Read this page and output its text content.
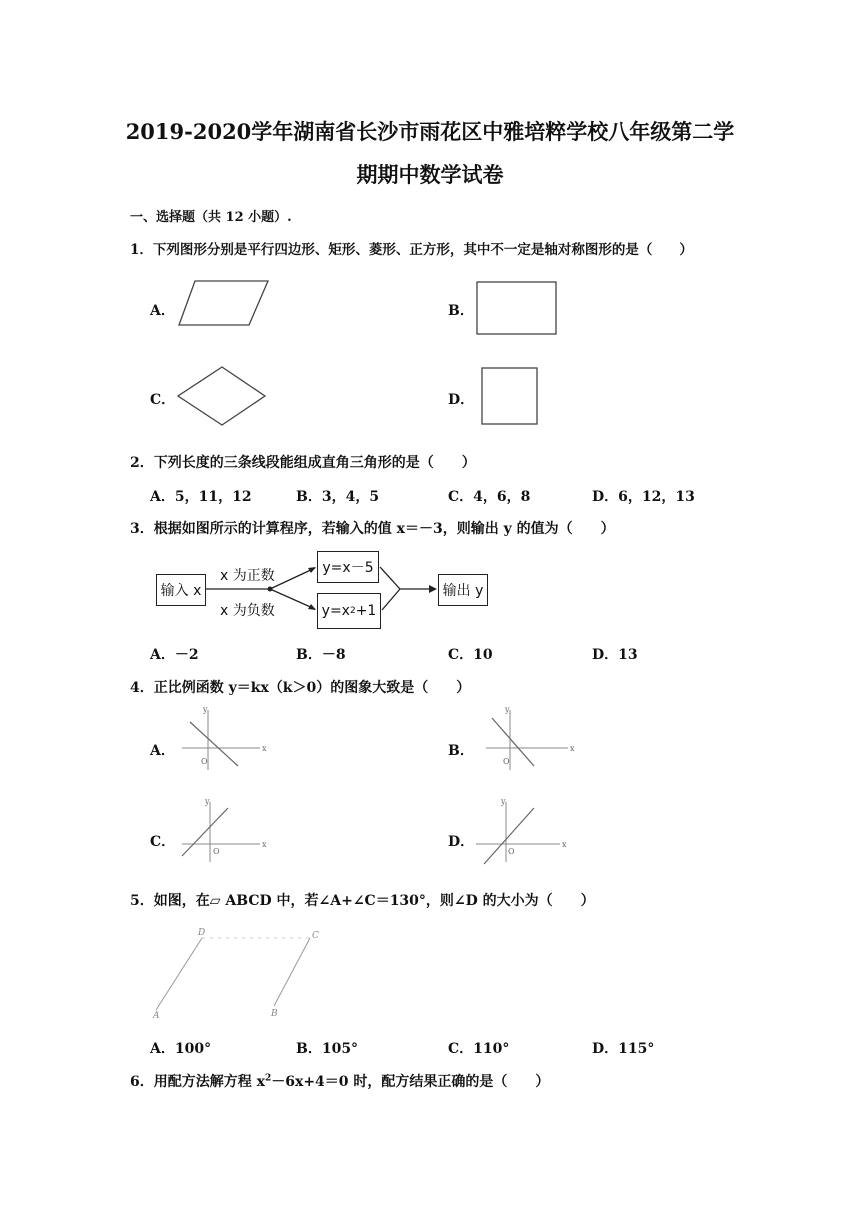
2019-2020学年湖南省长沙市雨花区中雅培粹学校八年级第二学
期期中数学试卷
一、选择题（共 12 小题）.
1．下列图形分别是平行四边形、矩形、菱形、正方形，其中不一定是轴对称图形的是（　　）
A．	B．
C．	D．
2．下列长度的三条线段能组成直角三角形的是（　　）
A．5，11，12	B．3，4，5	C．4，6，8	D．6，12，13
3．根据如图所示的计算程序，若输入的值 x＝－3，则输出 y 的值为（　　）
输入 x
x 为正数
x 为负数
y=x－5
y=x 2 +1
输出 y
A．－2	B．－8	C．10	D．13
4．正比例函数 y＝kx（k＞0）的图象大致是（　　）
A．	x
y
O
B．	x
y
O
C．	x
y
O
D．	x
y
O
5．如图，在▱ ABCD 中，若∠A+∠C＝130°，则∠D 的大小为（　　）
D	C
A	B
A．100°	B．105°	C．110°	D．115°
6．用配方法解方程 $x^2-6x+4=0$ 时，配方结果正确的是（　　）
